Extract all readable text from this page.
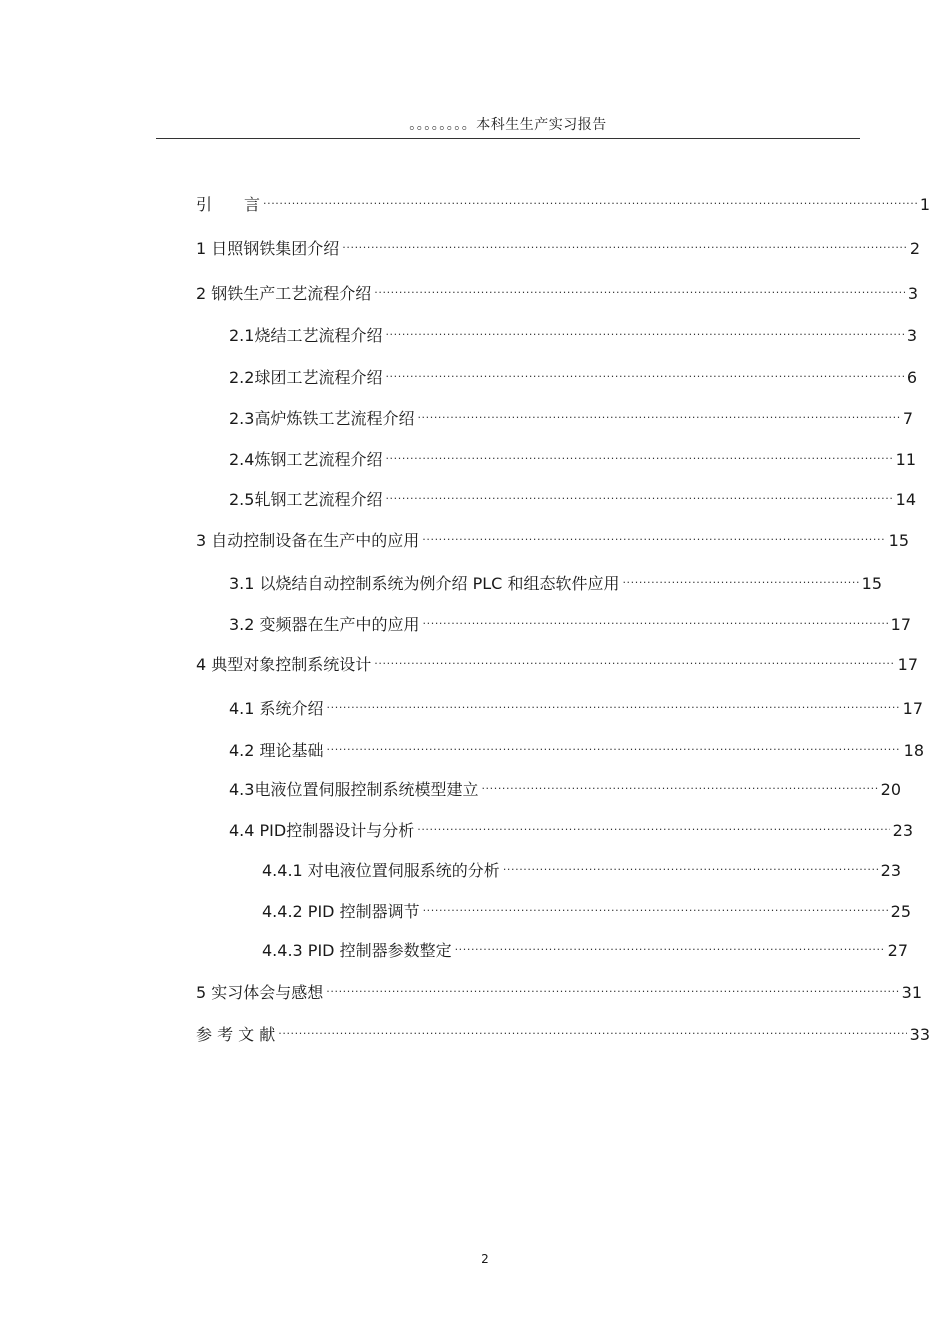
。。。。。。。。本科生生产实习报告
引　　言 .....	1
1 日照钢铁集团介绍 .....	2
2 钢铁生产工艺流程介绍 .....	3
2.1烧结工艺流程介绍 .....	3
2.2球团工艺流程介绍 .....	6
2.3高炉炼铁工艺流程介绍 .....	7
2.4炼钢工艺流程介绍 .....	11
2.5轧钢工艺流程介绍 .....	14
3 自动控制设备在生产中的应用 .....	15
3.1 以烧结自动控制系统为例介绍 PLC 和组态软件应用 .....	15
3.2 变频器在生产中的应用 .....	17
4 典型对象控制系统设计 .....	17
4.1 系统介绍 .....	17
4.2 理论基础 .....	18
4.3电液位置伺服控制系统模型建立 .....	20
4.4 PID控制器设计与分析 .....	23
4.4.1 对电液位置伺服系统的分析 .....	23
4.4.2 PID 控制器调节 .....	25
4.4.3 PID 控制器参数整定 .....	27
5 实习体会与感想 .....	31
参 考 文 献 .....	33
2
